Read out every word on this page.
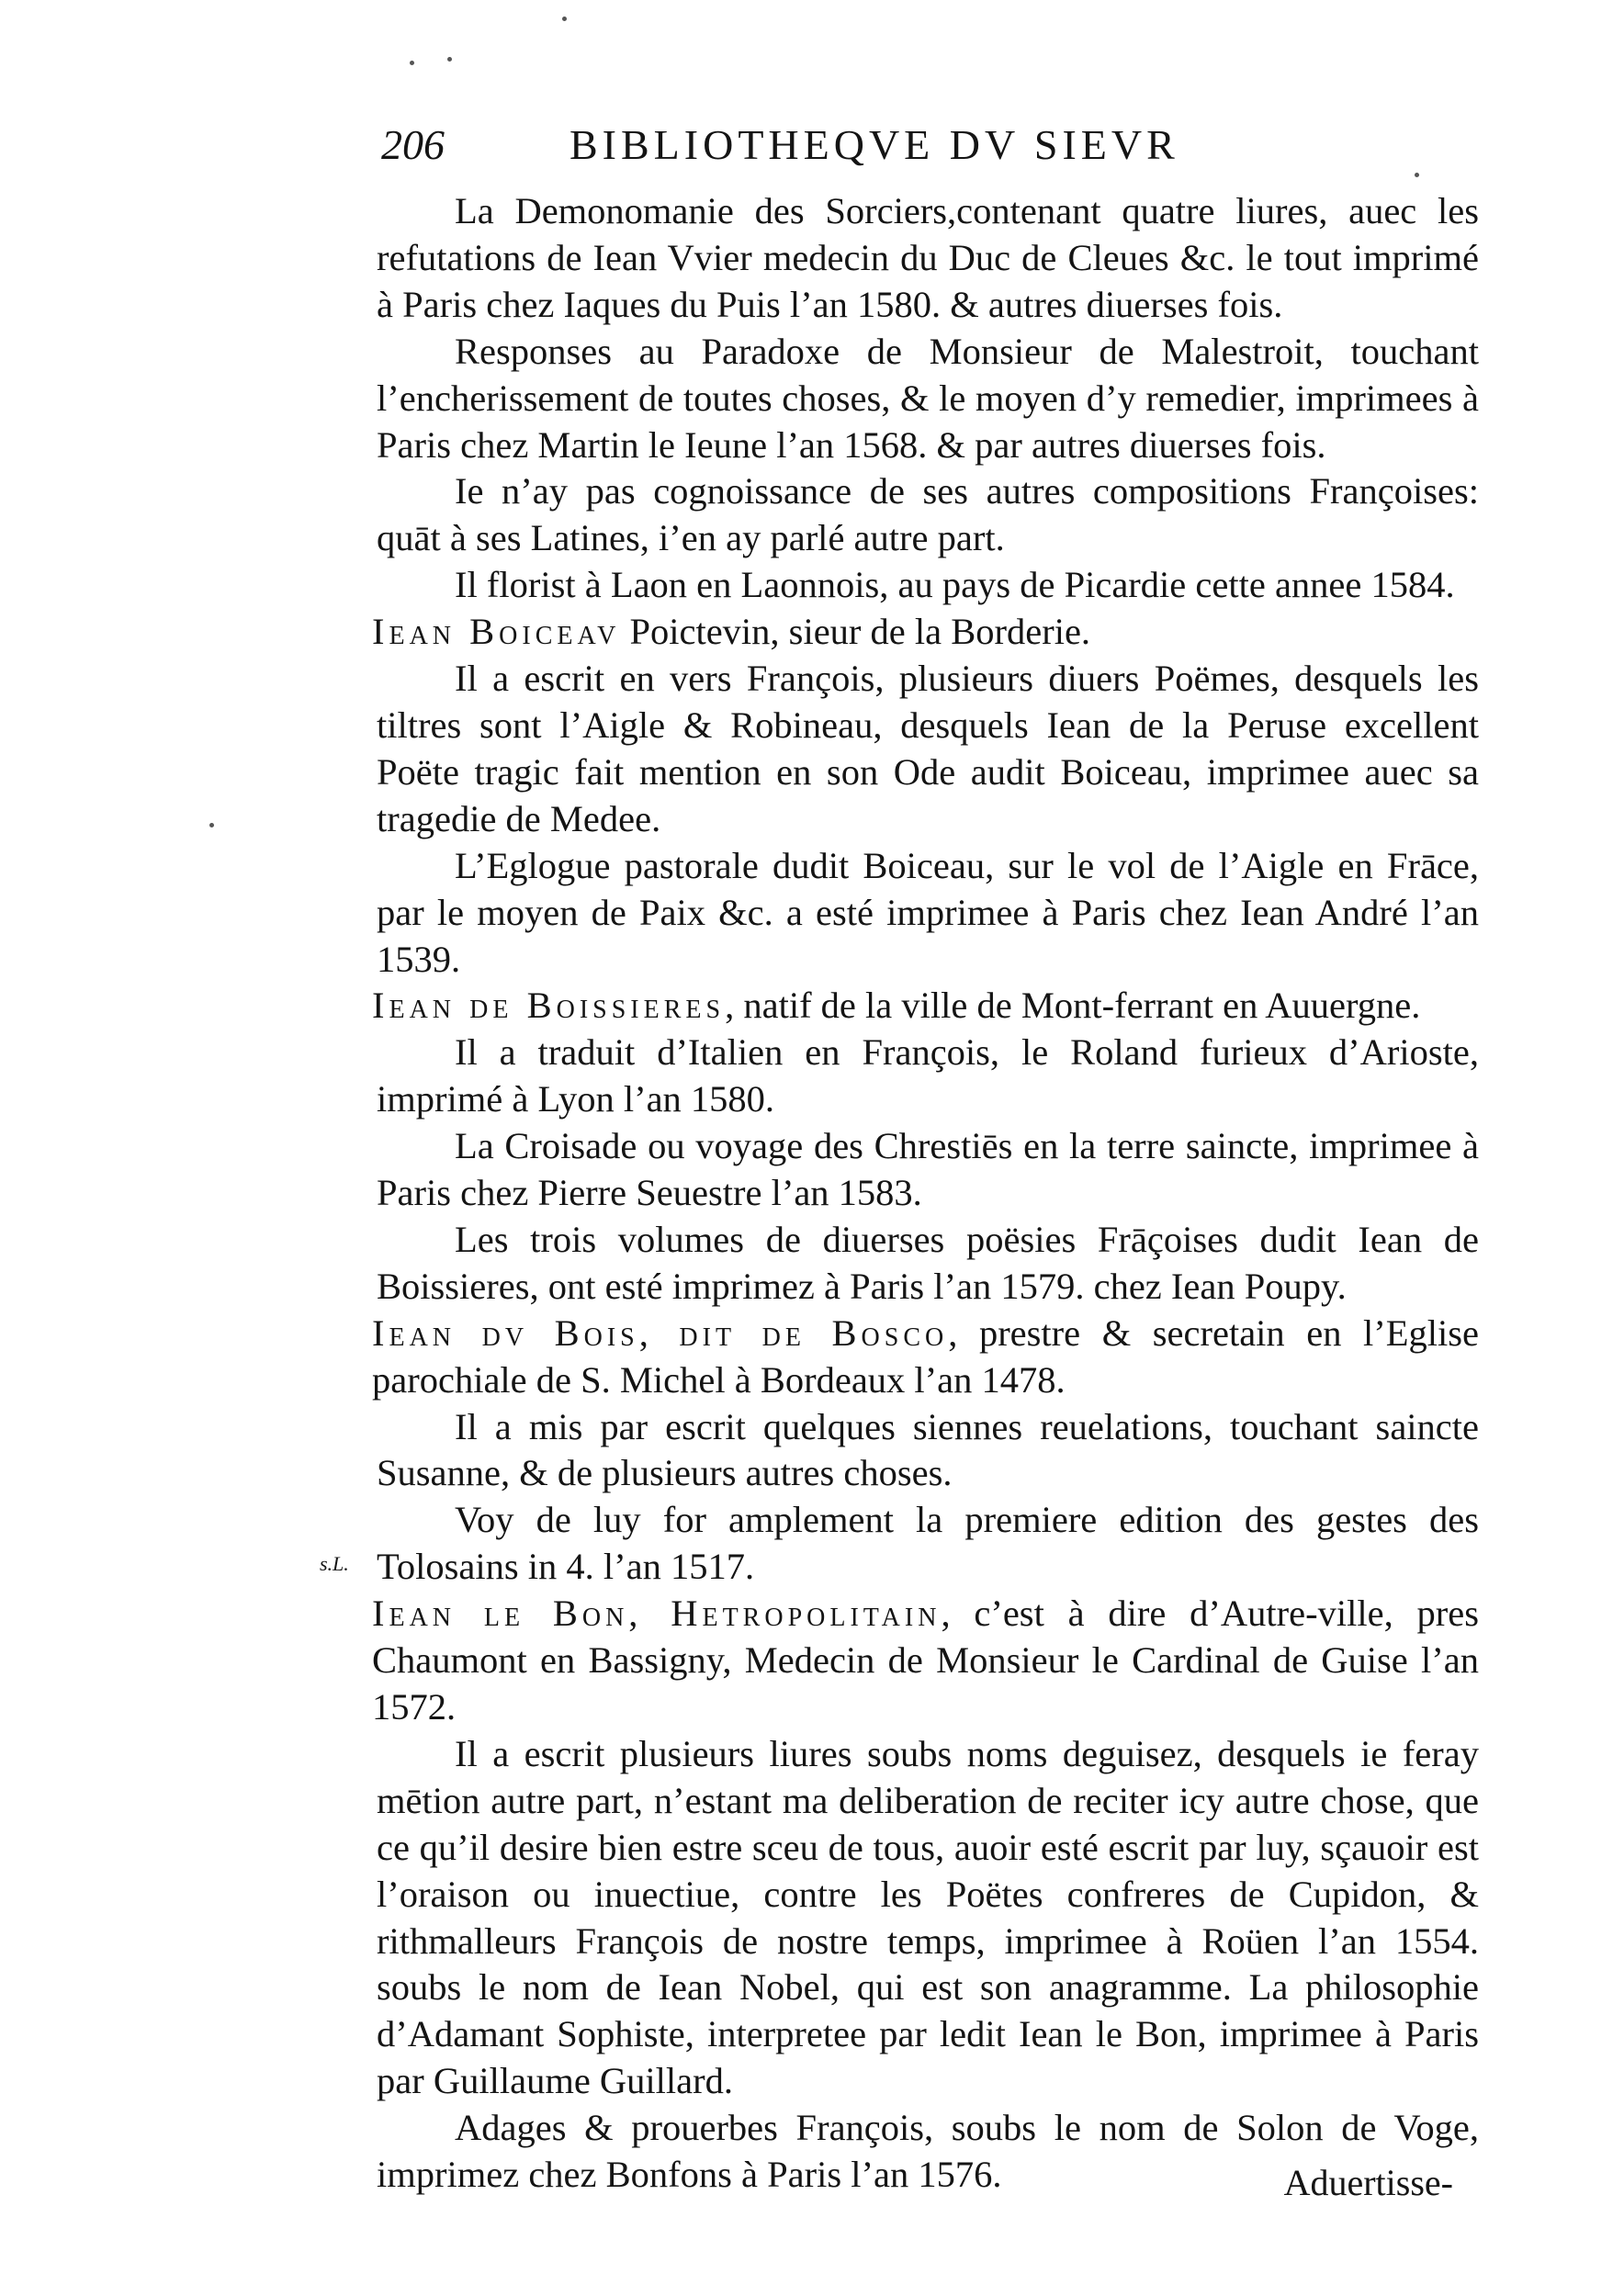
206	BIBLIOTHEQVE DV SIEVR
s.L.

La Demonomanie des Sorciers,contenant quatre liures, auec les refutations de Iean Vvier medecin du Duc de Cleues &c. le tout imprimé à Paris chez Iaques du Puis l’an 1580. & autres diuerses fois.

Responses au Paradoxe de Monsieur de Malestroit, touchant l’encherissement de toutes choses, & le moyen d’y remedier, imprimees à Paris chez Martin le Ieune l’an 1568. & par autres diuerses fois.

Ie n’ay pas cognoissance de ses autres compositions Françoises: quāt à ses Latines, i’en ay parlé autre part.

Il florist à Laon en Laonnois, au pays de Picardie cette annee 1584.

Iean Boiceav Poictevin, sieur de la Borderie.

Il a escrit en vers François, plusieurs diuers Poëmes, desquels les tiltres sont l’Aigle & Robineau, desquels Iean de la Peruse excellent Poëte tragic fait mention en son Ode audit Boiceau, imprimee auec sa tragedie de Medee.

L’Eglogue pastorale dudit Boiceau, sur le vol de l’Aigle en Frāce, par le moyen de Paix &c. a esté imprimee à Paris chez Iean André l’an 1539.

Iean de Boissieres, natif de la ville de Mont-ferrant en Auuergne.

Il a traduit d’Italien en François, le Roland furieux d’Arioste, imprimé à Lyon l’an 1580.

La Croisade ou voyage des Chrestiēs en la terre saincte, imprimee à Paris chez Pierre Seuestre l’an 1583.

Les trois volumes de diuerses poësies Frāçoises dudit Iean de Boissieres, ont esté imprimez à Paris l’an 1579. chez Iean Poupy.

Iean dv Bois, dit de Bosco, prestre & secretain en l’Eglise parochiale de S. Michel à Bordeaux l’an 1478.

Il a mis par escrit quelques siennes reuelations, touchant saincte Susanne, & de plusieurs autres choses.

Voy de luy for amplement la premiere edition des gestes des Tolosains in 4. l’an 1517.

Iean le Bon, Hetropolitain, c’est à dire d’Autre-ville, pres Chaumont en Bassigny, Medecin de Monsieur le Cardinal de Guise l’an 1572.

Il a escrit plusieurs liures soubs noms deguisez, desquels ie feray mētion autre part, n’estant ma deliberation de reciter icy autre chose, que ce qu’il desire bien estre sceu de tous, auoir esté escrit par luy, sçauoir est l’oraison ou inuectiue, contre les Poëtes confreres de Cupidon, & rithmalleurs François de nostre temps, imprimee à Roüen l’an 1554. soubs le nom de Iean Nobel, qui est son anagramme. La philosophie d’Adamant Sophiste, interpretee par ledit Iean le Bon, imprimee à Paris par Guillaume Guillard.

Adages & prouerbes François, soubs le nom de Solon de Voge, imprimez chez Bonfons à Paris l’an 1576.	Aduertisse-
